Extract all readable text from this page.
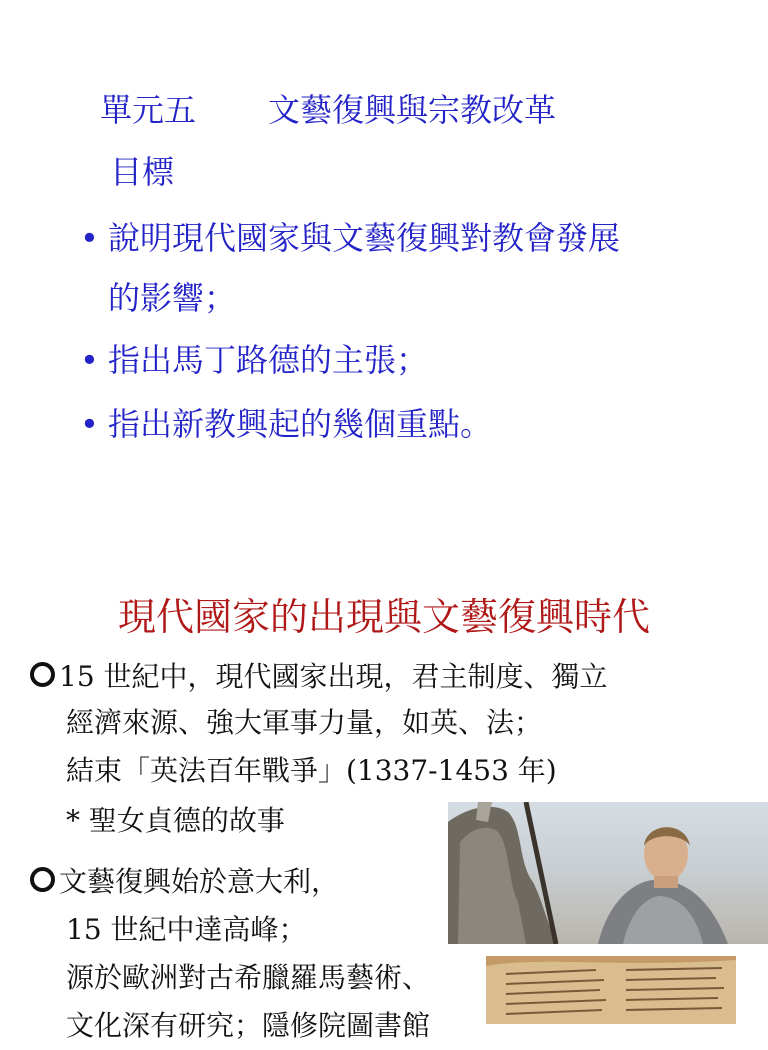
單元五 文藝復興與宗教改革
目標
• 說明現代國家與文藝復興對教會發展
的影響；
• 指出馬丁路德的主張；
• 指出新教興起的幾個重點。
現代國家的出現與文藝復興時代
15 世紀中，現代國家出現，君主制度、獨立
經濟來源、強大軍事力量，如英、法；
結束「英法百年戰爭」(1337-1453 年)
* 聖女貞德的故事
文藝復興始於意大利，
15 世紀中達高峰；
源於歐洲對古希臘羅馬藝術、
文化深有研究；隱修院圖書館
